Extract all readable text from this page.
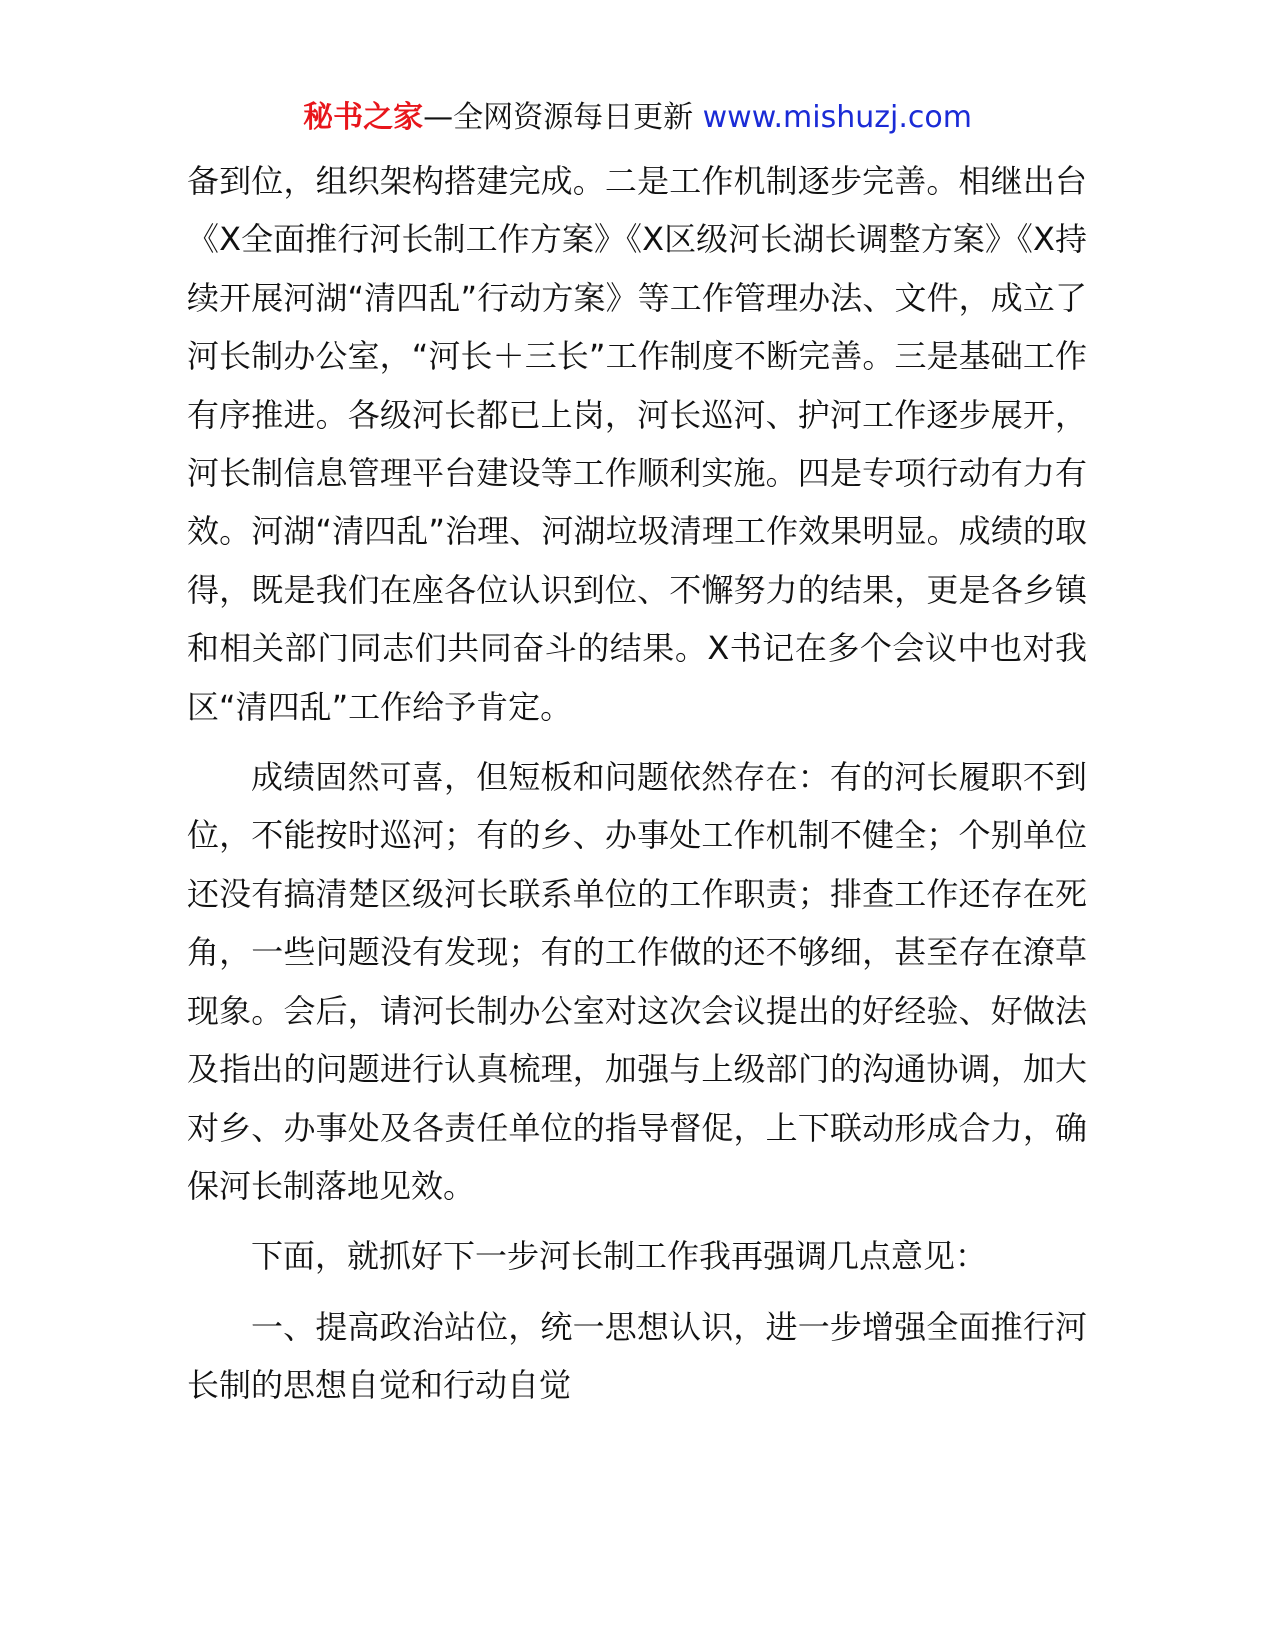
秘书之家—全网资源每日更新 www.mishuzj.com

备到位，组织架构搭建完成。二是工作机制逐步完善。相继出台《X全面推行河长制工作方案》《X区级河长湖长调整方案》《X持续开展河湖“清四乱”行动方案》等工作管理办法、文件，成立了河长制办公室，“河长＋三长”工作制度不断完善。三是基础工作有序推进。各级河长都已上岗，河长巡河、护河工作逐步展开，河长制信息管理平台建设等工作顺利实施。四是专项行动有力有效。河湖“清四乱”治理、河湖垃圾清理工作效果明显。成绩的取得，既是我们在座各位认识到位、不懈努力的结果，更是各乡镇和相关部门同志们共同奋斗的结果。X书记在多个会议中也对我区“清四乱”工作给予肯定。

成绩固然可喜，但短板和问题依然存在：有的河长履职不到位，不能按时巡河；有的乡、办事处工作机制不健全；个别单位还没有搞清楚区级河长联系单位的工作职责；排查工作还存在死角，一些问题没有发现；有的工作做的还不够细，甚至存在潦草现象。会后，请河长制办公室对这次会议提出的好经验、好做法及指出的问题进行认真梳理，加强与上级部门的沟通协调，加大对乡、办事处及各责任单位的指导督促，上下联动形成合力，确保河长制落地见效。

下面，就抓好下一步河长制工作我再强调几点意见：

一、提高政治站位，统一思想认识，进一步增强全面推行河长制的思想自觉和行动自觉
